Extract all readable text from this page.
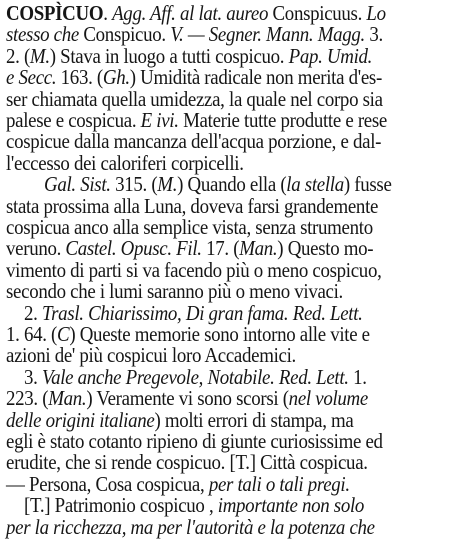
COSPÌCUO. Agg. Aff. al lat. aureo Conspicuus. Lo
stesso che Conspicuo. V. — Segner. Mann. Magg. 3.
2. (M.) Stava in luogo a tutti cospicuo. Pap. Umid.
e Secc. 163. (Gh.) Umidità radicale non merita d'es-
ser chiamata quella umidezza, la quale nel corpo sia
palese e cospicua. E ivi. Materie tutte produtte e rese
cospicue dalla mancanza dell'acqua porzione, e dal-
l'eccesso dei caloriferi corpicelli.
Gal. Sist. 315. (M.) Quando ella (la stella) fusse
stata prossima alla Luna, doveva farsi grandemente
cospicua anco alla semplice vista, senza strumento
veruno. Castel. Opusc. Fil. 17. (Man.) Questo mo-
vimento di parti si va facendo più o meno cospicuo,
secondo che i lumi saranno più o meno vivaci.
2. Trasl. Chiarissimo, Di gran fama. Red. Lett.
1. 64. (C) Queste memorie sono intorno alle vite e
azioni de' più cospicui loro Accademici.
3. Vale anche Pregevole, Notabile. Red. Lett. 1.
223. (Man.) Veramente vi sono scorsi (nel volume
delle origini italiane) molti errori di stampa, ma
egli è stato cotanto ripieno di giunte curiosissime ed
erudite, che si rende cospicuo. [T.] Città cospicua.
— Persona, Cosa cospicua, per tali o tali pregi.
[T.] Patrimonio cospicuo , importante non solo
per la ricchezza, ma per l'autorità e la potenza che
